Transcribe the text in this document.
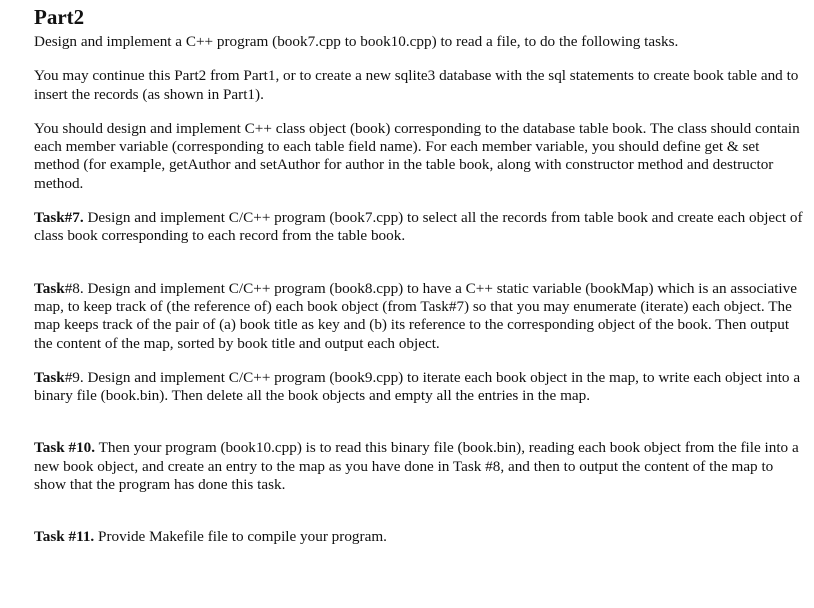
Part2

Design and implement a C++ program (book7.cpp to book10.cpp) to read a file, to do the following tasks.

You may continue this Part2 from Part1, or to create a new sqlite3 database with the sql statements to create book table and to insert the records (as shown in Part1).

You should design and implement C++ class object (book) corresponding to the database table book. The class should contain each member variable (corresponding to each table field name). For each member variable, you should define get & set method (for example, getAuthor and setAuthor for author in the table book, along with constructor method and destructor method.

Task#7. Design and implement C/C++ program (book7.cpp) to select all the records from table book and create each object of class book corresponding to each record from the table book.

Task#8. Design and implement C/C++ program (book8.cpp) to have a C++ static variable (bookMap) which is an associative map, to keep track of (the reference of) each book object (from Task#7) so that you may enumerate (iterate) each object. The map keeps track of the pair of (a) book title as key and (b) its reference to the corresponding object of the book. Then output the content of the map, sorted by book title and output each object.

Task#9. Design and implement C/C++ program (book9.cpp) to iterate each book object in the map, to write each object into a binary file (book.bin). Then delete all the book objects and empty all the entries in the map.

Task #10. Then your program (book10.cpp) is to read this binary file (book.bin), reading each book object from the file into a new book object, and create an entry to the map as you have done in Task #8, and then to output the content of the map to show that the program has done this task.

Task #11. Provide Makefile file to compile your program.
